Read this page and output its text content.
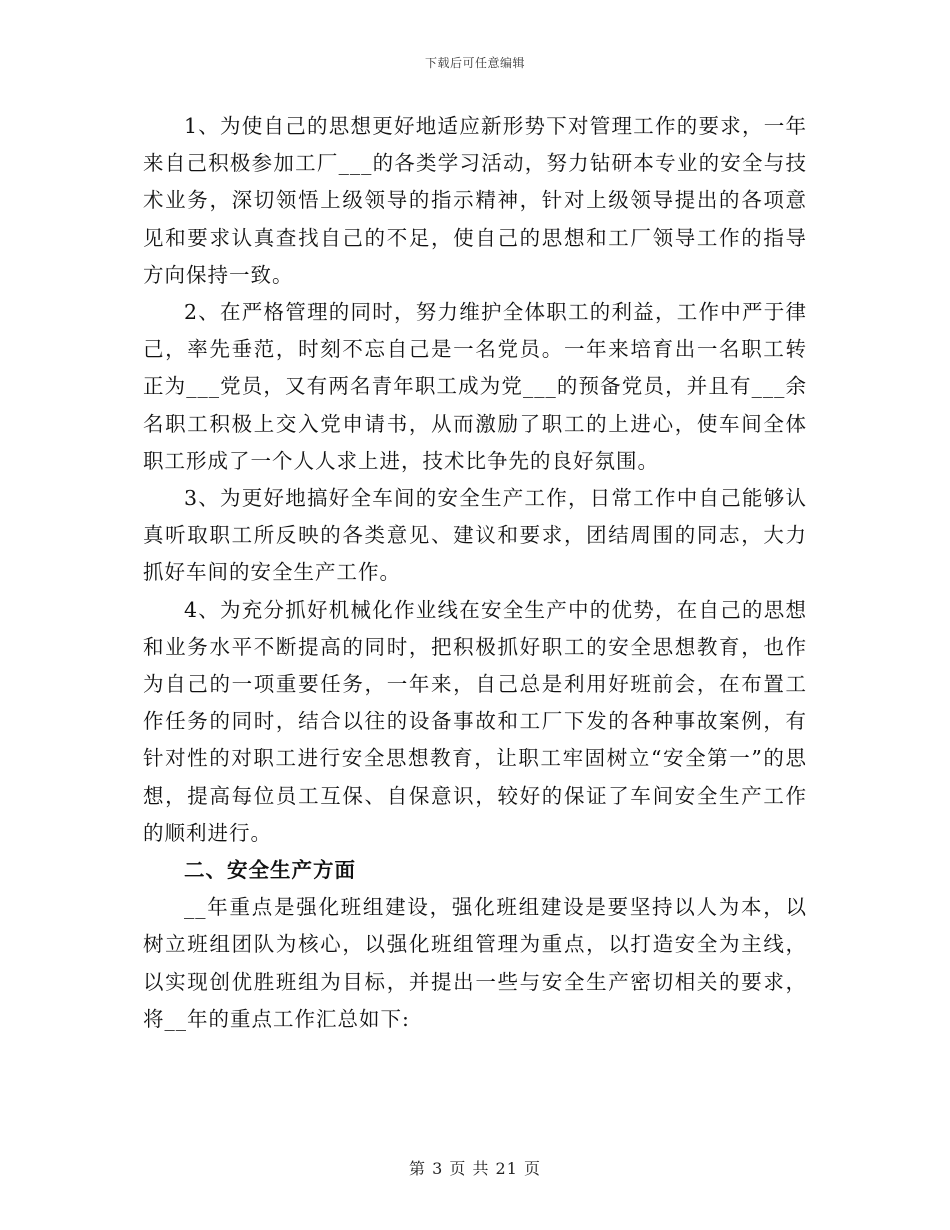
下载后可任意编辑

1、为使自己的思想更好地适应新形势下对管理工作的要求，一年来自己积极参加工厂___的各类学习活动，努力钻研本专业的安全与技术业务，深切领悟上级领导的指示精神，针对上级领导提出的各项意见和要求认真查找自己的不足，使自己的思想和工厂领导工作的指导方向保持一致。

2、在严格管理的同时，努力维护全体职工的利益，工作中严于律己，率先垂范，时刻不忘自己是一名党员。一年来培育出一名职工转正为___党员，又有两名青年职工成为党___的预备党员，并且有___余名职工积极上交入党申请书，从而激励了职工的上进心，使车间全体职工形成了一个人人求上进，技术比争先的良好氛围。

3、为更好地搞好全车间的安全生产工作，日常工作中自己能够认真听取职工所反映的各类意见、建议和要求，团结周围的同志，大力抓好车间的安全生产工作。

4、为充分抓好机械化作业线在安全生产中的优势，在自己的思想和业务水平不断提高的同时，把积极抓好职工的安全思想教育，也作为自己的一项重要任务，一年来，自己总是利用好班前会，在布置工作任务的同时，结合以往的设备事故和工厂下发的各种事故案例，有针对性的对职工进行安全思想教育，让职工牢固树立“安全第一”的思想，提高每位员工互保、自保意识，较好的保证了车间安全生产工作的顺利进行。

二、安全生产方面

__年重点是强化班组建设，强化班组建设是要坚持以人为本，以树立班组团队为核心，以强化班组管理为重点，以打造安全为主线，以实现创优胜班组为目标，并提出一些与安全生产密切相关的要求，将__年的重点工作汇总如下:

第 3 页 共 21 页
